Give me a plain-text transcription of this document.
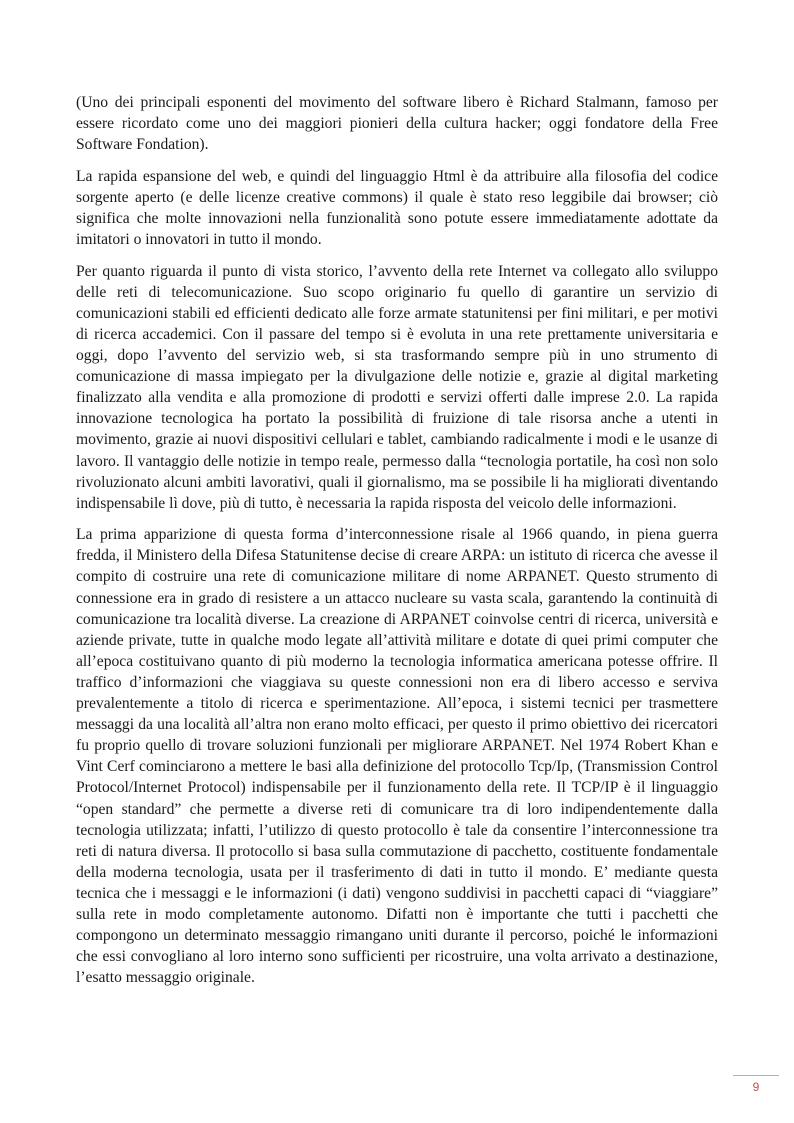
(Uno dei principali esponenti del movimento del software libero è Richard Stalmann, famoso per essere ricordato come uno dei maggiori pionieri della cultura hacker; oggi fondatore della Free Software Fondation).

La rapida espansione del web, e quindi del linguaggio Html è da attribuire alla filosofia del codice sorgente aperto (e delle licenze creative commons) il quale è stato reso leggibile dai browser; ciò significa che molte innovazioni nella funzionalità sono potute essere immediatamente adottate da imitatori o innovatori in tutto il mondo.

Per quanto riguarda il punto di vista storico, l’avvento della rete Internet va collegato allo sviluppo delle reti di telecomunicazione. Suo scopo originario fu quello di garantire un servizio di comunicazioni stabili ed efficienti dedicato alle forze armate statunitensi per fini militari, e per motivi di ricerca accademici. Con il passare del tempo si è evoluta in una rete prettamente universitaria e oggi, dopo l’avvento del servizio web, si sta trasformando sempre più in uno strumento di comunicazione di massa impiegato per la divulgazione delle notizie e, grazie al digital marketing finalizzato alla vendita e alla promozione di prodotti e servizi offerti dalle imprese 2.0. La rapida innovazione tecnologica ha portato la possibilità di fruizione di tale risorsa anche a utenti in movimento, grazie ai nuovi dispositivi cellulari e tablet, cambiando radicalmente i modi e le usanze di lavoro. Il vantaggio delle notizie in tempo reale, permesso dalla “tecnologia portatile, ha così non solo rivoluzionato alcuni ambiti lavorativi, quali il giornalismo, ma se possibile li ha migliorati diventando indispensabile lì dove, più di tutto, è necessaria la rapida risposta del veicolo delle informazioni.

La prima apparizione di questa forma d’interconnessione risale al 1966 quando, in piena guerra fredda, il Ministero della Difesa Statunitense decise di creare ARPA: un istituto di ricerca che avesse il compito di costruire una rete di comunicazione militare di nome ARPANET. Questo strumento di connessione era in grado di resistere a un attacco nucleare su vasta scala, garantendo la continuità di comunicazione tra località diverse. La creazione di ARPANET coinvolse centri di ricerca, università e aziende private, tutte in qualche modo legate all’attività militare e dotate di quei primi computer che all’epoca costituivano quanto di più moderno la tecnologia informatica americana potesse offrire. Il traffico d’informazioni che viaggiava su queste connessioni non era di libero accesso e serviva prevalentemente a titolo di ricerca e sperimentazione. All’epoca, i sistemi tecnici per trasmettere messaggi da una località all’altra non erano molto efficaci, per questo il primo obiettivo dei ricercatori fu proprio quello di trovare soluzioni funzionali per migliorare ARPANET. Nel 1974 Robert Khan e Vint Cerf cominciarono a mettere le basi alla definizione del protocollo Tcp/Ip, (Transmission Control Protocol/Internet Protocol) indispensabile per il funzionamento della rete. Il TCP/IP è il linguaggio “open standard” che permette a diverse reti di comunicare tra di loro indipendentemente dalla tecnologia utilizzata; infatti, l’utilizzo di questo protocollo è tale da consentire l’interconnessione tra reti di natura diversa. Il protocollo si basa sulla commutazione di pacchetto, costituente fondamentale della moderna tecnologia, usata per il trasferimento di dati in tutto il mondo. E’ mediante questa tecnica che i messaggi e le informazioni (i dati) vengono suddivisi in pacchetti capaci di “viaggiare” sulla rete in modo completamente autonomo. Difatti non è importante che tutti i pacchetti che compongono un determinato messaggio rimangano uniti durante il percorso, poiché le informazioni che essi convogliano al loro interno sono sufficienti per ricostruire, una volta arrivato a destinazione, l’esatto messaggio originale.

9
